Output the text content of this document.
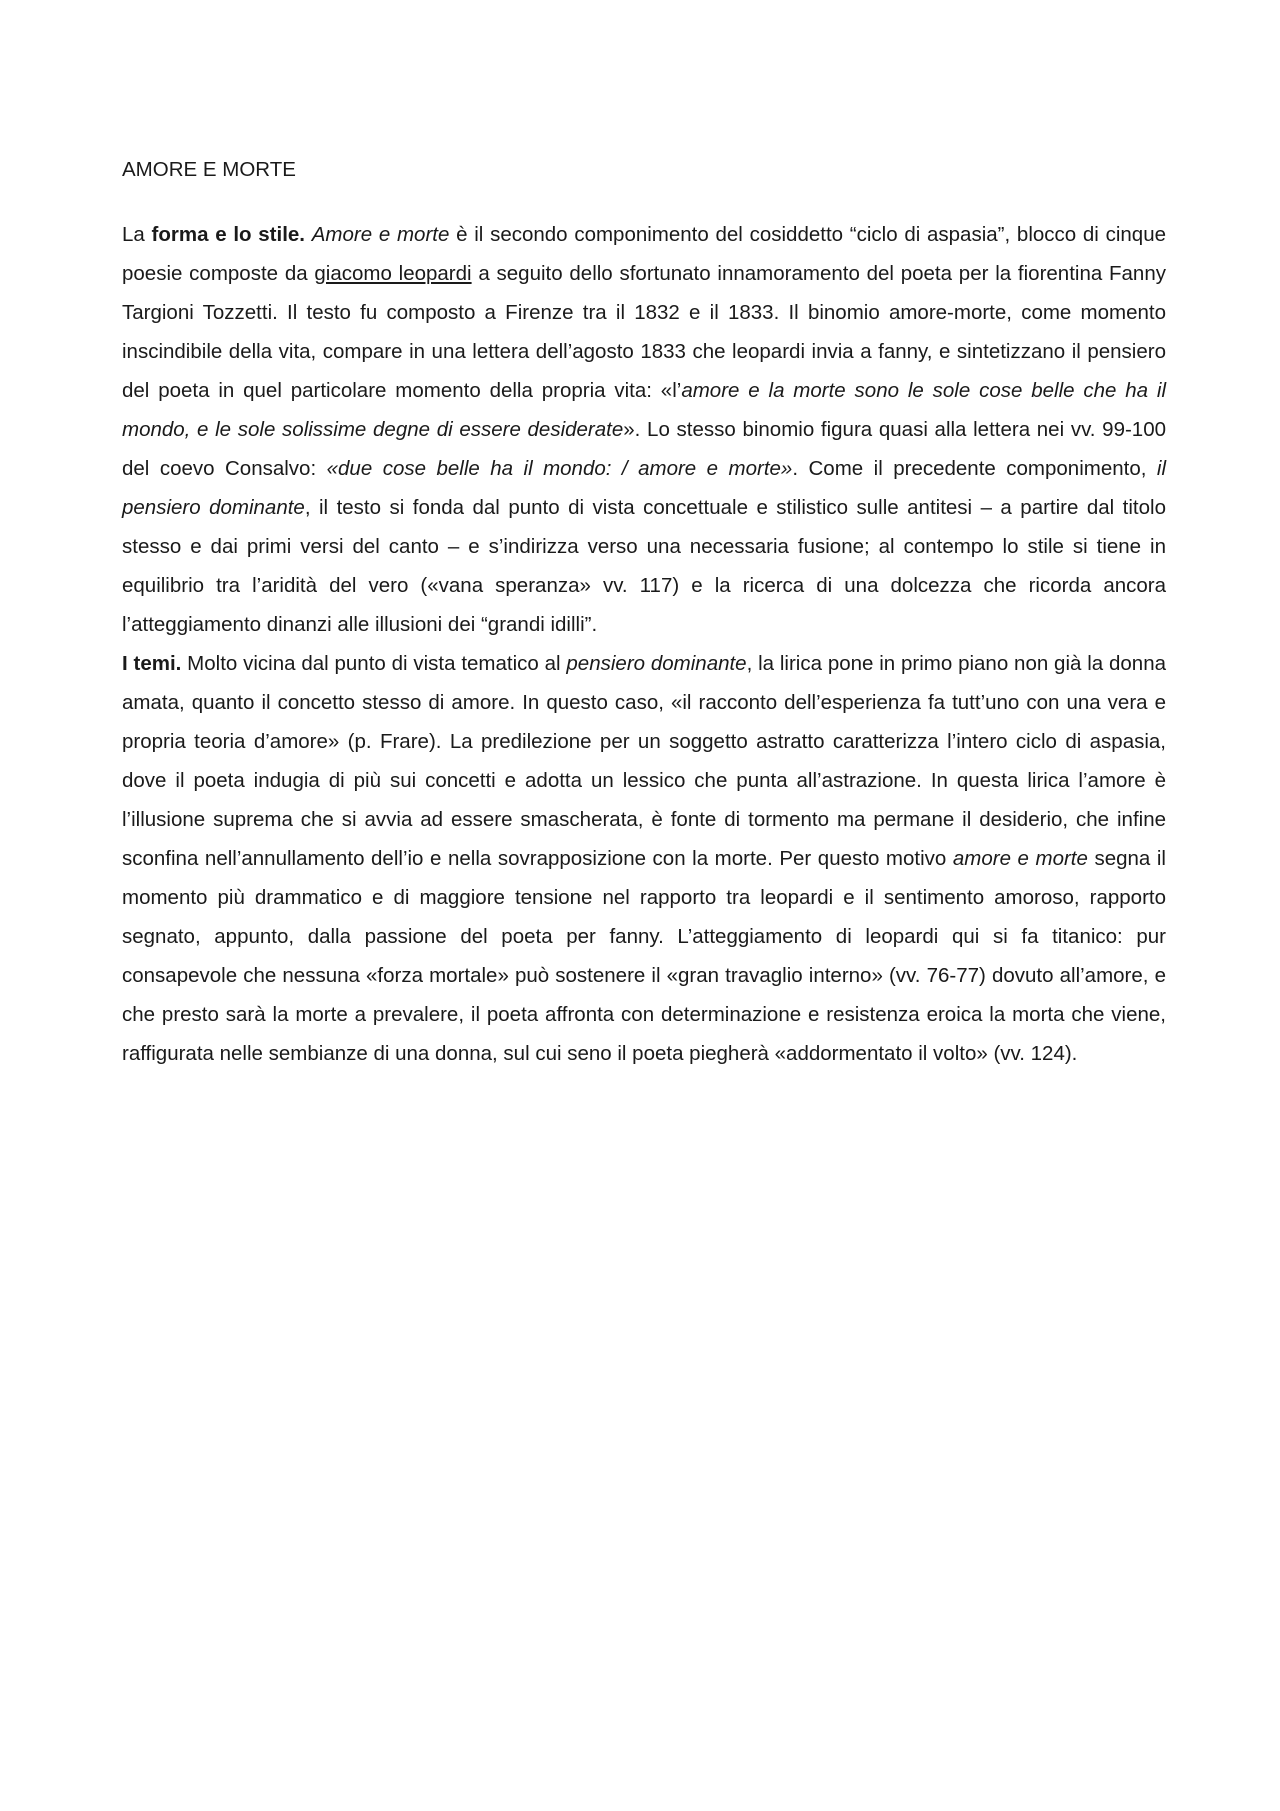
AMORE E MORTE

La forma e lo stile. Amore e morte è il secondo componimento del cosiddetto “ciclo di aspasia”, blocco di cinque poesie composte da giacomo leopardi a seguito dello sfortunato innamoramento del poeta per la fiorentina Fanny Targioni Tozzetti. Il testo fu composto a Firenze tra il 1832 e il 1833. Il binomio amore-morte, come momento inscindibile della vita, compare in una lettera dell’agosto 1833 che leopardi invia a fanny, e sintetizzano il pensiero del poeta in quel particolare momento della propria vita: «l’amore e la morte sono le sole cose belle che ha il mondo, e le sole solissime degne di essere desiderate». Lo stesso binomio figura quasi alla lettera nei vv. 99-100 del coevo Consalvo: «due cose belle ha il mondo: / amore e morte». Come il precedente componimento, il pensiero dominante, il testo si fonda dal punto di vista concettuale e stilistico sulle antitesi – a partire dal titolo stesso e dai primi versi del canto – e s’indirizza verso una necessaria fusione; al contempo lo stile si tiene in equilibrio tra l’aridità del vero («vana speranza» vv. 117) e la ricerca di una dolcezza che ricorda ancora l’atteggiamento dinanzi alle illusioni dei “grandi idilli”.

I temi. Molto vicina dal punto di vista tematico al pensiero dominante, la lirica pone in primo piano non già la donna amata, quanto il concetto stesso di amore. In questo caso, «il racconto dell’esperienza fa tutt’uno con una vera e propria teoria d’amore» (p. Frare). La predilezione per un soggetto astratto caratterizza l’intero ciclo di aspasia, dove il poeta indugia di più sui concetti e adotta un lessico che punta all’astrazione. In questa lirica l’amore è l’illusione suprema che si avvia ad essere smascherata, è fonte di tormento ma permane il desiderio, che infine sconfina nell’annullamento dell’io e nella sovrapposizione con la morte. Per questo motivo amore e morte segna il momento più drammatico e di maggiore tensione nel rapporto tra leopardi e il sentimento amoroso, rapporto segnato, appunto, dalla passione del poeta per fanny. L’atteggiamento di leopardi qui si fa titanico: pur consapevole che nessuna «forza mortale» può sostenere il «gran travaglio interno» (vv. 76-77) dovuto all’amore, e che presto sarà la morte a prevalere, il poeta affronta con determinazione e resistenza eroica la morta che viene, raffigurata nelle sembianze di una donna, sul cui seno il poeta piegherà «addormentato il volto» (vv. 124).
